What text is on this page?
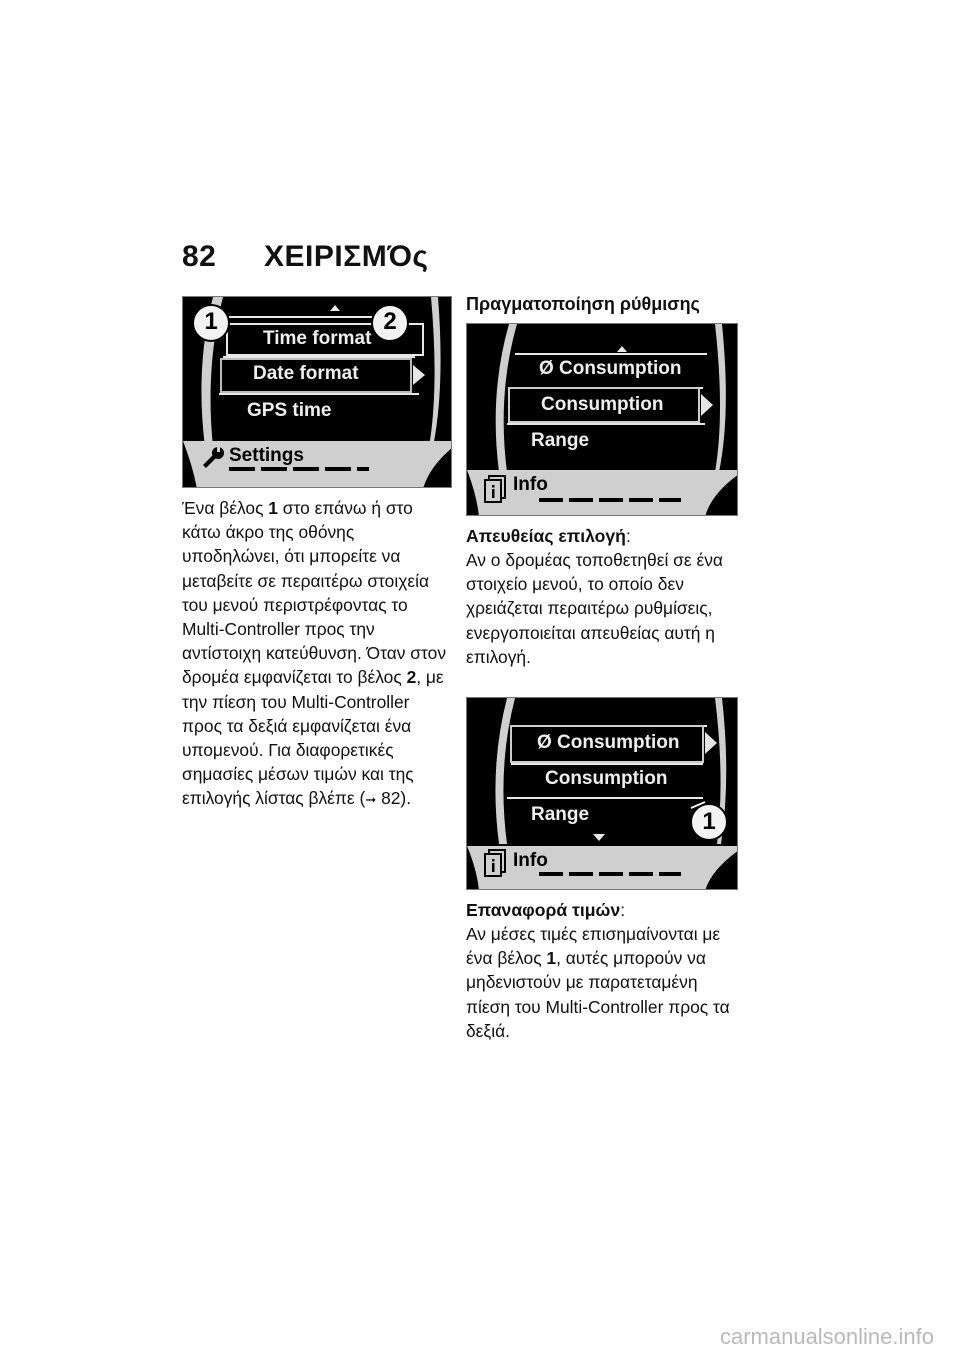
82 ΧΕΙΡΙΣΜΌς
1	2
Time format
Date format
GPS time
Settings

Ένα βέλος 1 στο επάνω ή στο κάτω άκρο της οθόνης υποδηλώνει, ότι μπορείτε να μεταβείτε σε περαιτέρω στοιχεία του μενού περιστρέφοντας το Multi-Controller προς την αντίστοιχη κατεύθυνση. Όταν στον δρομέα εμφανίζεται το βέλος 2, με την πίεση του Multi-Controller προς τα δεξιά εμφανίζεται ένα υπομενού. Για διαφορετικές σημασίες μέσων τιμών και της επιλογής λίστας βλέπε (➞ 82).

Πραγματοποίηση ρύθμισης
Ø Consumption
Consumption
Range
Info
Απευθείας επιλογή:

Αν ο δρομέας τοποθετηθεί σε ένα στοιχείο μενού, το οποίο δεν χρειάζεται περαιτέρω ρυθμίσεις, ενεργοποιείται απευθείας αυτή η επιλογή.

Ø Consumption
Consumption
Range
Info
1
Επαναφορά τιμών:

Αν μέσες τιμές επισημαίνονται με ένα βέλος 1, αυτές μπορούν να μηδενιστούν με παρατεταμένη πίεση του Multi-Controller προς τα δεξιά.

carmanualsonline.info
